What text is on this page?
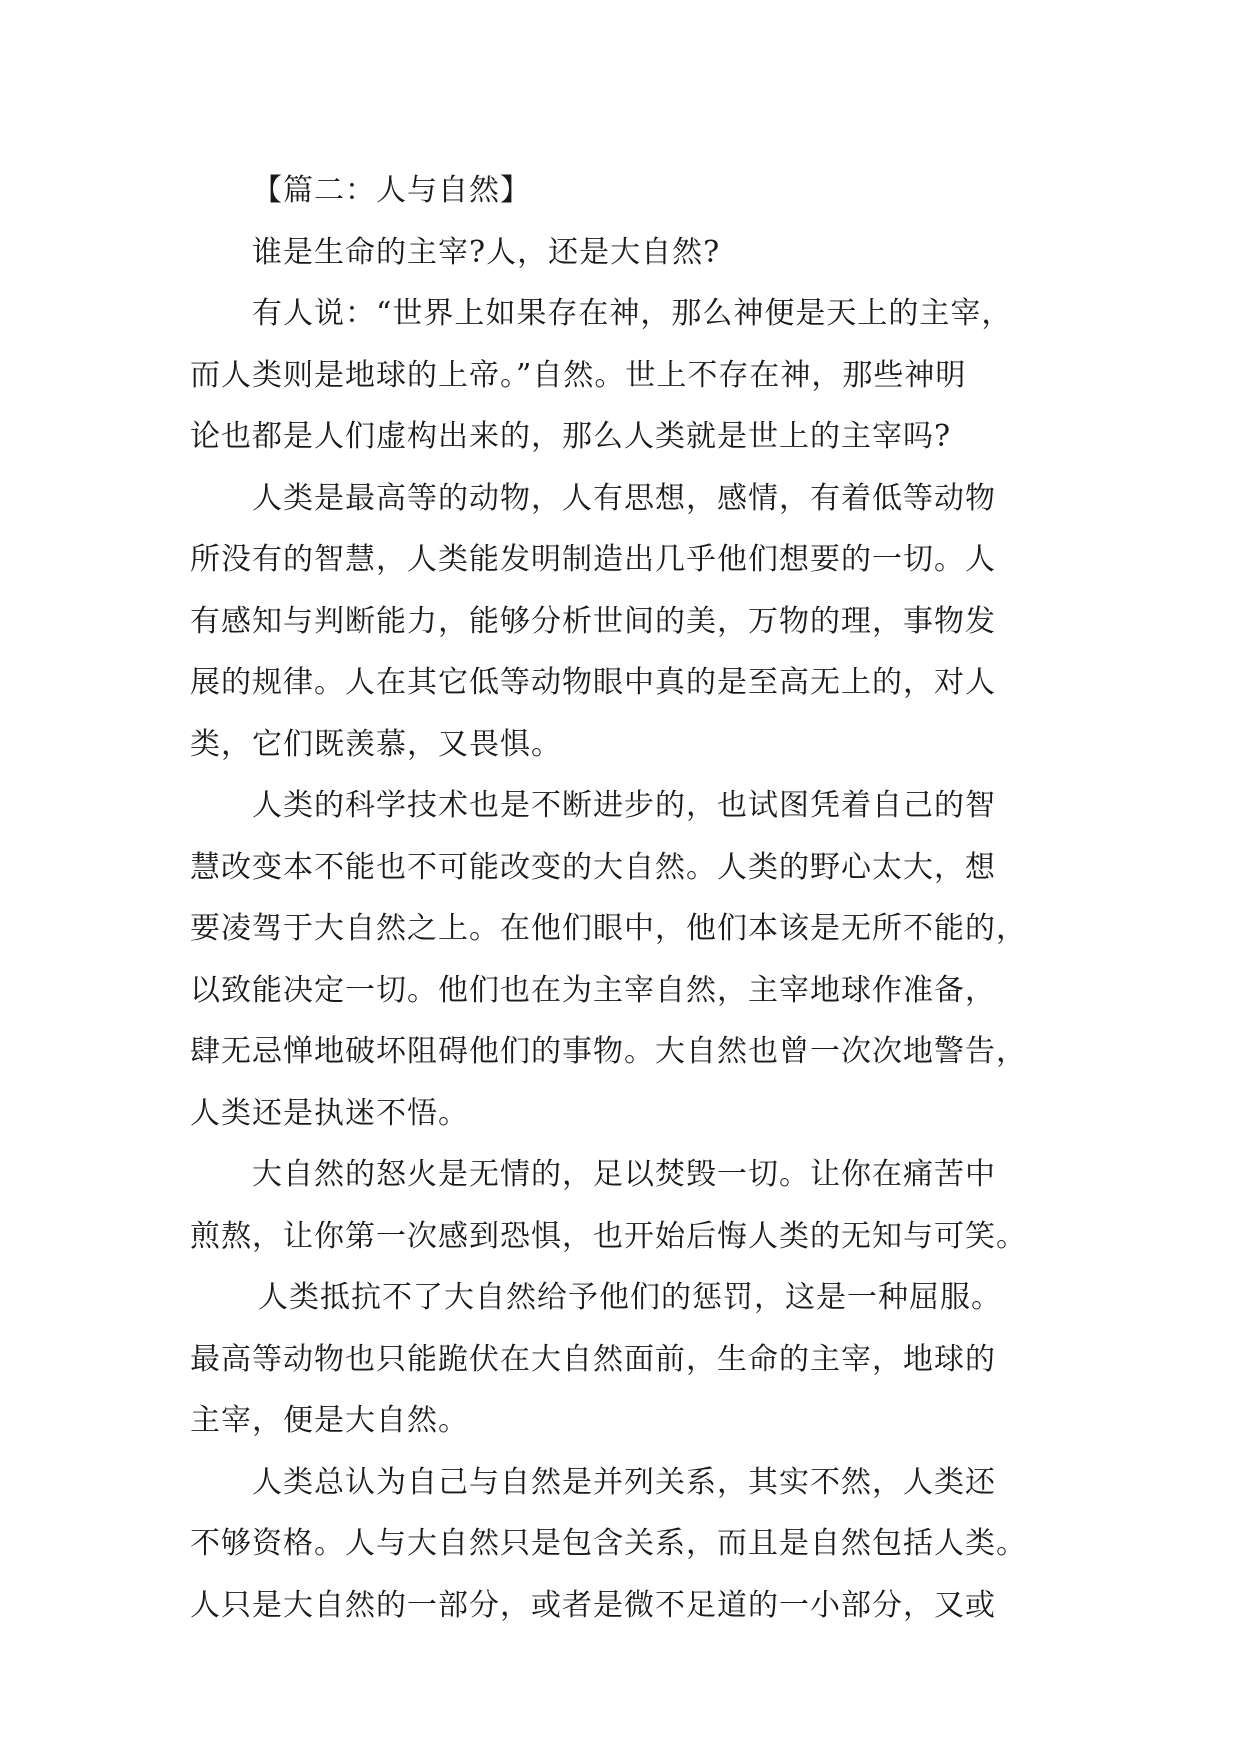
【篇二：人与自然】
谁是生命的主宰?人，还是大自然?
有人说：“世界上如果存在神，那么神便是天上的主宰，
而人类则是地球的上帝。”自然。世上不存在神，那些神明
论也都是人们虚构出来的，那么人类就是世上的主宰吗?
人类是最高等的动物，人有思想，感情，有着低等动物
所没有的智慧，人类能发明制造出几乎他们想要的一切。人
有感知与判断能力，能够分析世间的美，万物的理，事物发
展的规律。人在其它低等动物眼中真的是至高无上的，对人
类，它们既羡慕，又畏惧。
人类的科学技术也是不断进步的，也试图凭着自己的智
慧改变本不能也不可能改变的大自然。人类的野心太大，想
要凌驾于大自然之上。在他们眼中，他们本该是无所不能的，
以致能决定一切。他们也在为主宰自然，主宰地球作准备，
肆无忌惮地破坏阻碍他们的事物。大自然也曾一次次地警告，
人类还是执迷不悟。
大自然的怒火是无情的，足以焚毁一切。让你在痛苦中
煎熬，让你第一次感到恐惧，也开始后悔人类的无知与可笑。
人类抵抗不了大自然给予他们的惩罚，这是一种屈服。
最高等动物也只能跪伏在大自然面前，生命的主宰，地球的
主宰，便是大自然。
人类总认为自己与自然是并列关系，其实不然，人类还
不够资格。人与大自然只是包含关系，而且是自然包括人类。
人只是大自然的一部分，或者是微不足道的一小部分，又或
